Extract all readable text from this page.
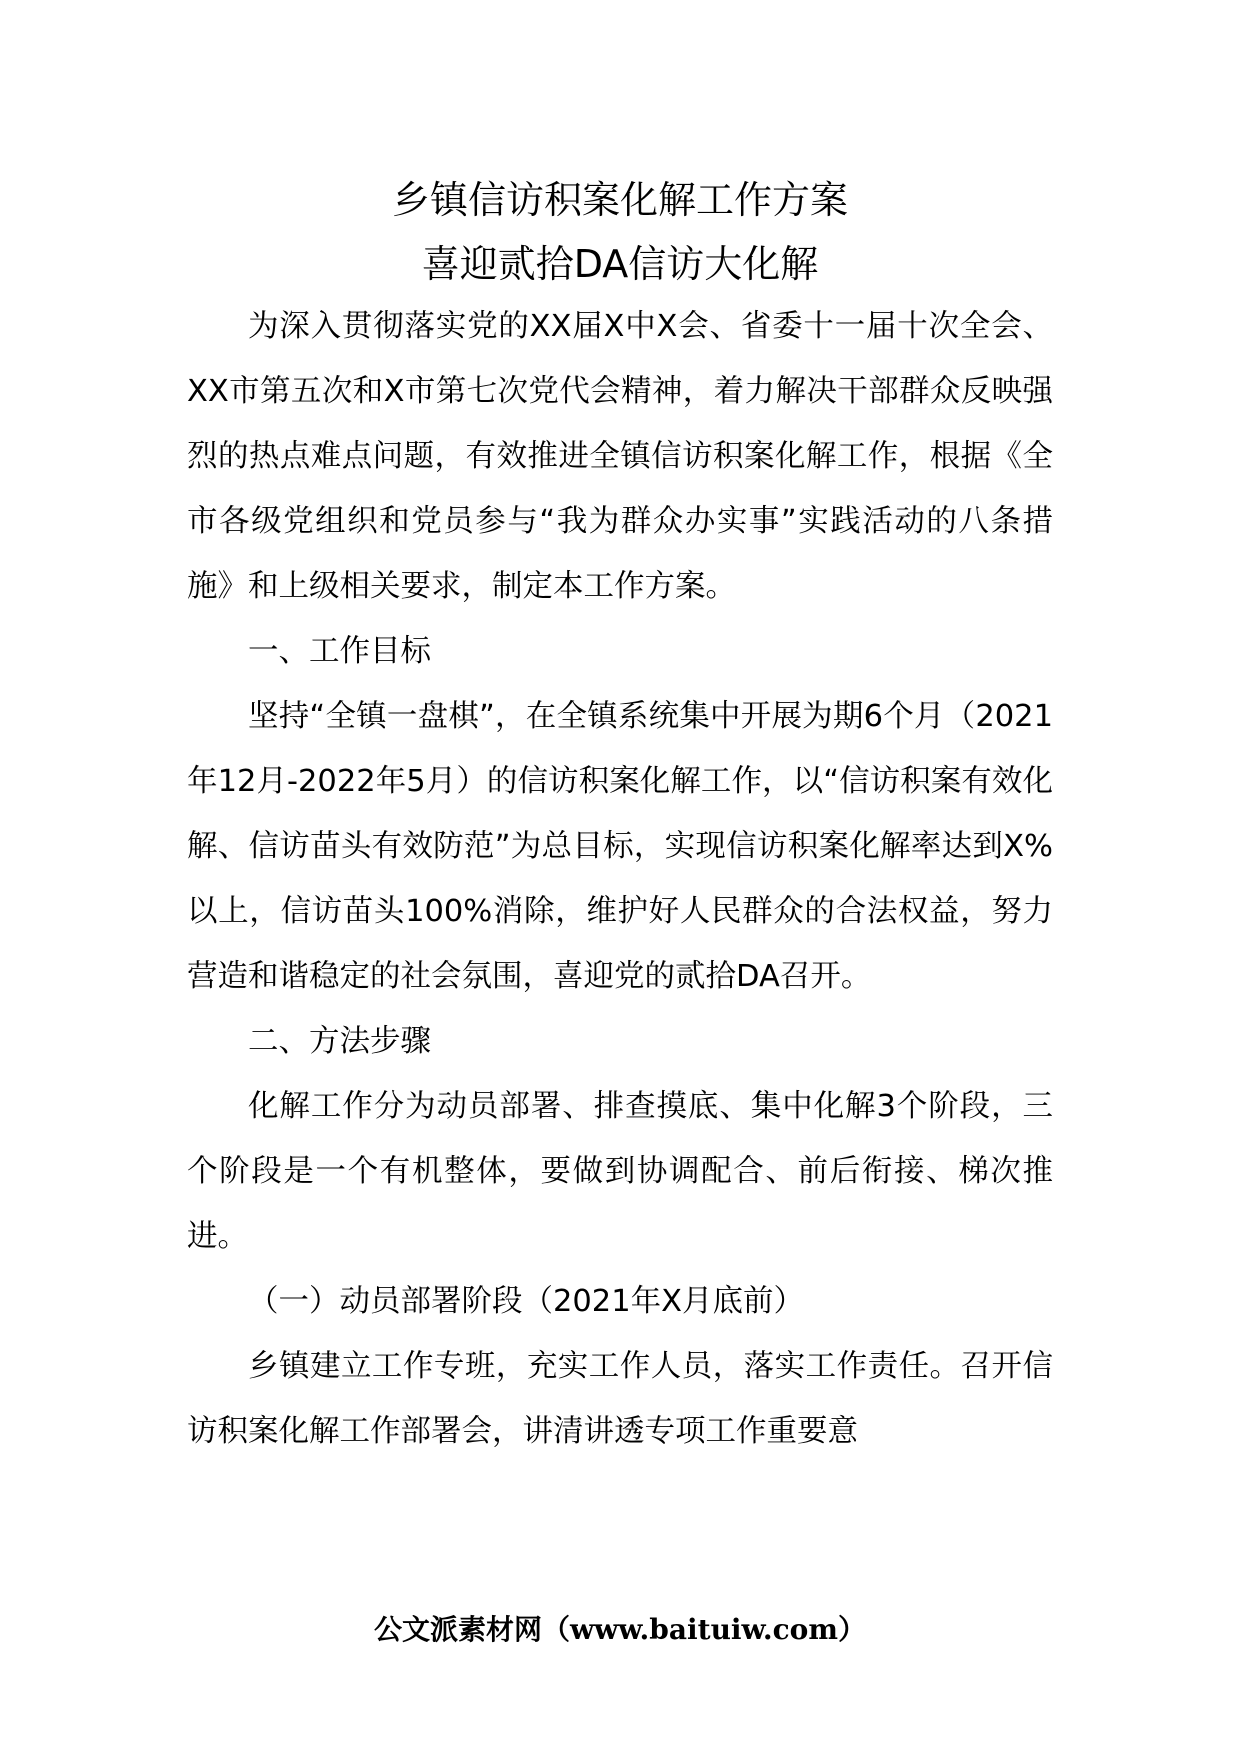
乡镇信访积案化解工作方案
喜迎贰拾DA信访大化解

为深入贯彻落实党的XX届X中X会、省委十一届十次全会、XX市第五次和X市第七次党代会精神，着力解决干部群众反映强烈的热点难点问题，有效推进全镇信访积案化解工作，根据《全市各级党组织和党员参与“我为群众办实事”实践活动的八条措施》和上级相关要求，制定本工作方案。

一、工作目标

坚持“全镇一盘棋”，在全镇系统集中开展为期6个月（2021年12月-2022年5月）的信访积案化解工作，以“信访积案有效化解、信访苗头有效防范”为总目标，实现信访积案化解率达到X%以上，信访苗头100%消除，维护好人民群众的合法权益，努力营造和谐稳定的社会氛围，喜迎党的贰拾DA召开。

二、方法步骤

化解工作分为动员部署、排查摸底、集中化解3个阶段，三个阶段是一个有机整体，要做到协调配合、前后衔接、梯次推进。

（一）动员部署阶段（2021年X月底前）

乡镇建立工作专班，充实工作人员，落实工作责任。召开信访积案化解工作部署会，讲清讲透专项工作重要意

公文派素材网（www.baituiw.com）
